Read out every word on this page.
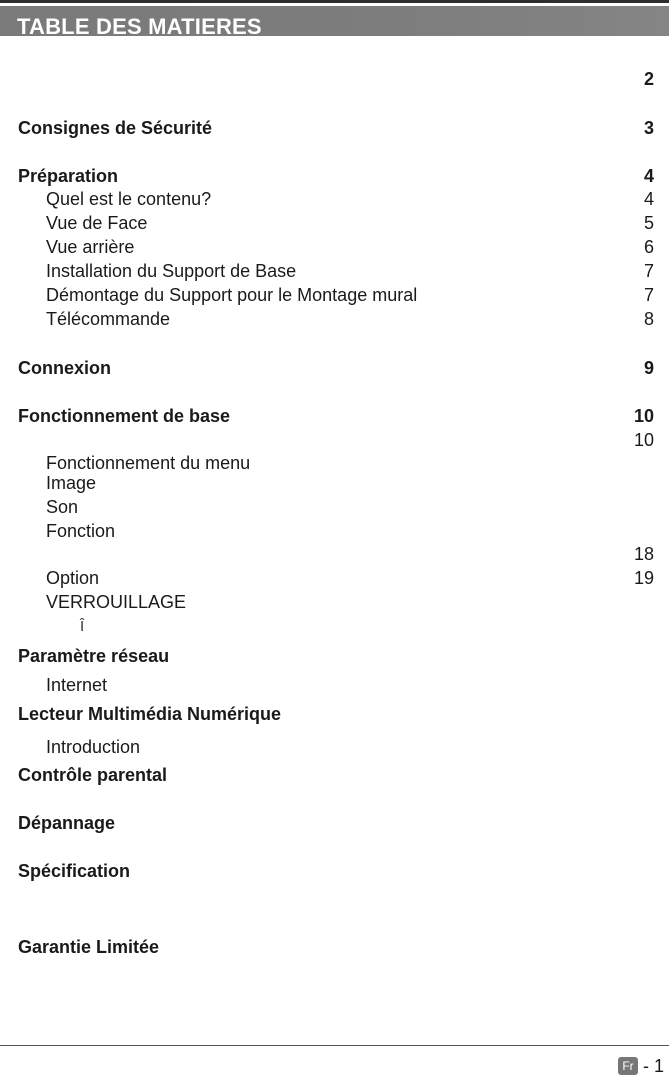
TABLE DES MATIERES
2
Consignes de Sécurité	3
Préparation	4
Quel est le contenu?	4
Vue de Face	5
Vue arrière	6
Installation du Support de Base	7
Démontage du Support pour le Montage mural	7
Télécommande	8
Connexion	9
Fonctionnement de base	10
10
Fonctionnement du menu
Image
Son
Fonction
18
Option	19
VERROUILLAGE
Î
Paramètre réseau
Internet
Lecteur Multimédia Numérique
Introduction
Contrôle parental
Dépannage
Spécification
Garantie Limitée
Fr - 1
